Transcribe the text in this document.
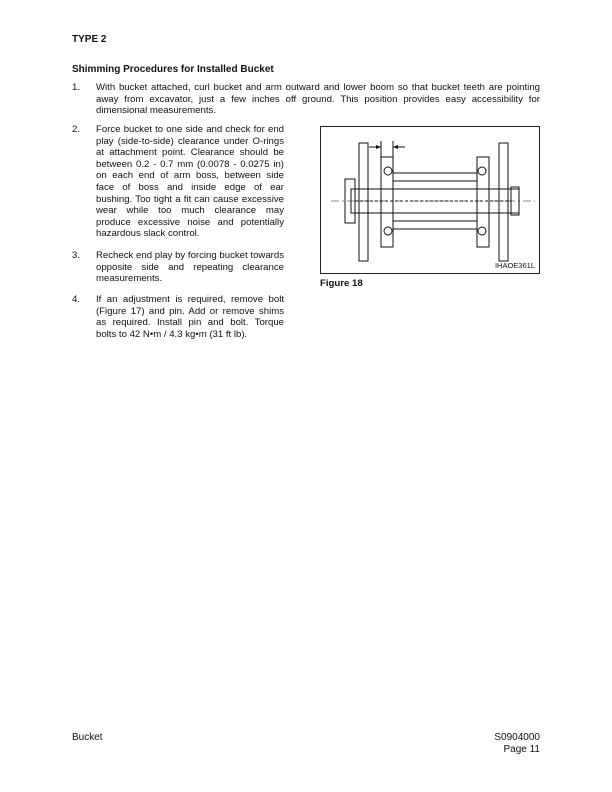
TYPE 2
Shimming Procedures for Installed Bucket
1. With bucket attached, curl bucket and arm outward and lower boom so that bucket teeth are pointing away from excavator, just a few inches off ground. This position provides easy accessibility for dimensional measurements.
2. Force bucket to one side and check for end play (side-to-side) clearance under O-rings at attachment point. Clearance should be between 0.2 - 0.7 mm (0.0078 - 0.0275 in) on each end of arm boss, between side face of boss and inside edge of ear bushing. Too tight a fit can cause excessive wear while too much clearance may produce excessive noise and potentially hazardous slack control.
3. Recheck end play by forcing bucket towards opposite side and repeating clearance measurements.
4. If an adjustment is required, remove bolt (Figure 17) and pin. Add or remove shims as required. Install pin and bolt. Torque bolts to 42 N•m / 4.3 kg•m (31 ft lb).
IHAOE361L
Figure 18
Bucket	S0904000
Page 11
